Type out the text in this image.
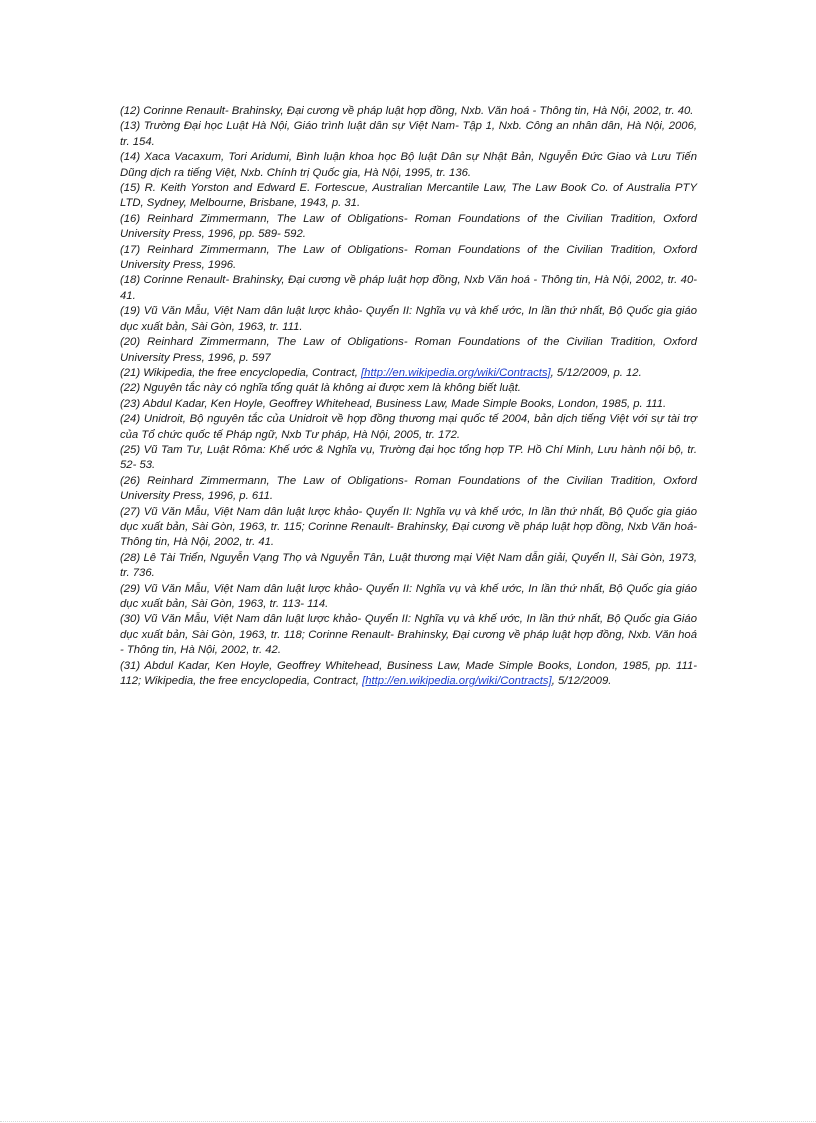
(12) Corinne Renault- Brahinsky, Đại cương về pháp luật hợp đồng, Nxb. Văn hoá - Thông tin, Hà Nội, 2002, tr. 40.

(13) Trường Đại học Luật Hà Nội, Giáo trình luật dân sự Việt Nam- Tập 1, Nxb. Công an nhân dân, Hà Nội, 2006, tr. 154.

(14) Xaca Vacaxum, Tori Aridumi, Bình luận khoa học Bộ luật Dân sự Nhật Bản, Nguyễn Đức Giao và Lưu Tiến Dũng dịch ra tiếng Việt, Nxb. Chính trị Quốc gia, Hà Nội, 1995, tr. 136.

(15) R. Keith Yorston and Edward E. Fortescue, Australian Mercantile Law, The Law Book Co. of Australia PTY LTD, Sydney, Melbourne, Brisbane, 1943, p. 31.

(16) Reinhard Zimmermann, The Law of Obligations- Roman Foundations of the Civilian Tradition, Oxford University Press, 1996, pp. 589- 592.

(17) Reinhard Zimmermann, The Law of Obligations- Roman Foundations of the Civilian Tradition, Oxford University Press, 1996.

(18) Corinne Renault- Brahinsky, Đại cương về pháp luật hợp đồng, Nxb Văn hoá - Thông tin, Hà Nội, 2002, tr. 40- 41.

(19) Vũ Văn Mẫu, Việt Nam dân luật lược khảo- Quyển II: Nghĩa vụ và khế ước, In lần thứ nhất, Bộ Quốc gia giáo dục xuất bản, Sài Gòn, 1963, tr. 111.

(20) Reinhard Zimmermann, The Law of Obligations- Roman Foundations of the Civilian Tradition, Oxford University Press, 1996, p. 597

(21) Wikipedia, the free encyclopedia, Contract, [http://en.wikipedia.org/wiki/Contracts], 5/12/2009, p. 12.

(22) Nguyên tắc này có nghĩa tổng quát là không ai được xem là không biết luật.

(23) Abdul Kadar, Ken Hoyle, Geoffrey Whitehead, Business Law, Made Simple Books, London, 1985, p. 111.

(24) Unidroit, Bộ nguyên tắc của Unidroit về hợp đồng thương mại quốc tế 2004, bản dịch tiếng Việt với sự tài trợ của Tổ chức quốc tế Pháp ngữ, Nxb Tư pháp, Hà Nội, 2005, tr. 172.

(25) Vũ Tam Tư, Luật Rôma: Khế ước & Nghĩa vụ, Trường đại học tổng hợp TP. Hồ Chí Minh, Lưu hành nội bộ, tr. 52- 53.

(26) Reinhard Zimmermann, The Law of Obligations- Roman Foundations of the Civilian Tradition, Oxford University Press, 1996, p. 611.

(27) Vũ Văn Mẫu, Việt Nam dân luật lược khảo- Quyển II: Nghĩa vụ và khế ước, In lần thứ nhất, Bộ Quốc gia giáo dục xuất bản, Sài Gòn, 1963, tr. 115; Corinne Renault- Brahinsky, Đại cương về pháp luật hợp đồng, Nxb Văn hoá- Thông tin, Hà Nội, 2002, tr. 41.

(28) Lê Tài Triển, Nguyễn Vạng Thọ và Nguyễn Tân, Luật thương mại Việt Nam dẫn giải, Quyển II, Sài Gòn, 1973, tr. 736.

(29) Vũ Văn Mẫu, Việt Nam dân luật lược khảo- Quyển II: Nghĩa vụ và khế ước, In lần thứ nhất, Bộ Quốc gia giáo dục xuất bản, Sài Gòn, 1963, tr. 113- 114.

(30) Vũ Văn Mẫu, Việt Nam dân luật lược khảo- Quyển II: Nghĩa vụ và khế ước, In lần thứ nhất, Bộ Quốc gia Giáo dục xuất bản, Sài Gòn, 1963, tr. 118; Corinne Renault- Brahinsky, Đại cương về pháp luật hợp đồng, Nxb. Văn hoá - Thông tin, Hà Nội, 2002, tr. 42.

(31) Abdul Kadar, Ken Hoyle, Geoffrey Whitehead, Business Law, Made Simple Books, London, 1985, pp. 111- 112; Wikipedia, the free encyclopedia, Contract, [http://en.wikipedia.org/wiki/Contracts], 5/12/2009.
